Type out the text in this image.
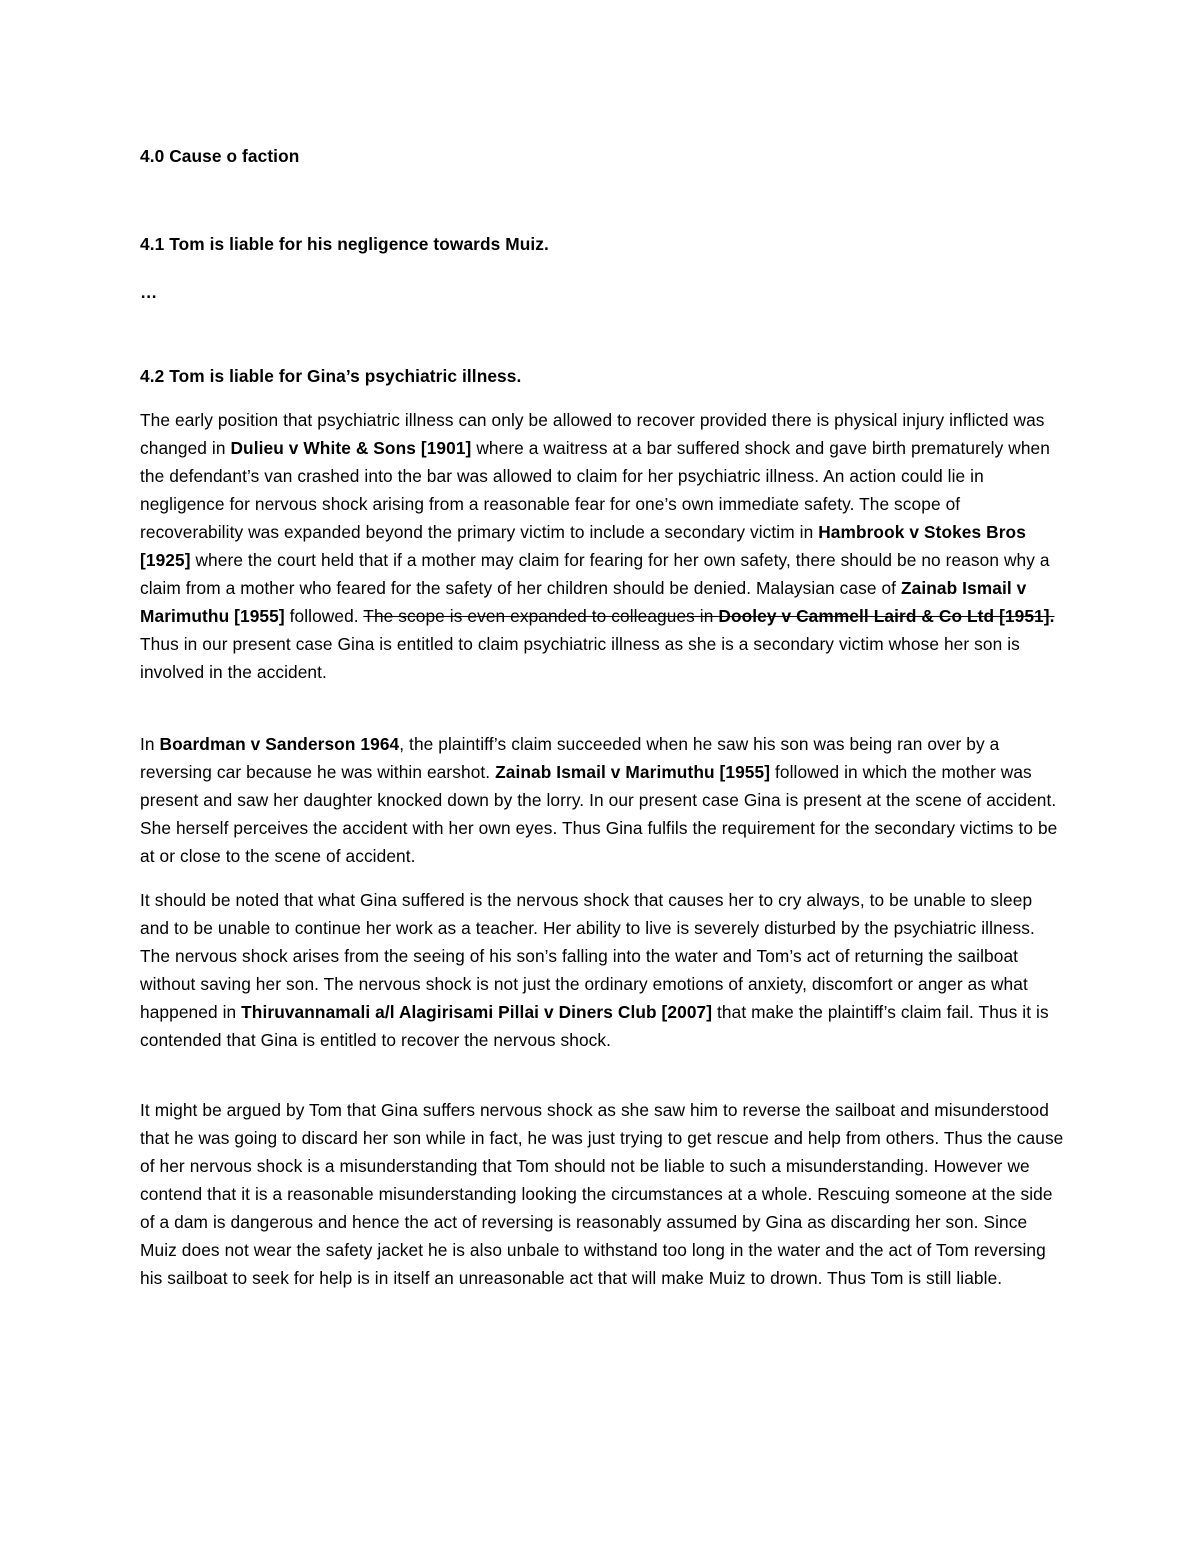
4.0 Cause o faction
4.1 Tom is liable for his negligence towards Muiz.
…
4.2 Tom is liable for Gina’s psychiatric illness.
The early position that psychiatric illness can only be allowed to recover provided there is physical injury inflicted was changed in Dulieu v White & Sons [1901] where a waitress at a bar suffered shock and gave birth prematurely when the defendant’s van crashed into the bar was allowed to claim for her psychiatric illness. An action could lie in negligence for nervous shock arising from a reasonable fear for one’s own immediate safety. The scope of recoverability was expanded beyond the primary victim to include a secondary victim in Hambrook v Stokes Bros [1925] where the court held that if a mother may claim for fearing for her own safety, there should be no reason why a claim from a mother who feared for the safety of her children should be denied. Malaysian case of Zainab Ismail v Marimuthu [1955] followed. The scope is even expanded to colleagues in Dooley v Cammell Laird & Co Ltd [1951]. Thus in our present case Gina is entitled to claim psychiatric illness as she is a secondary victim whose her son is involved in the accident.
In Boardman v Sanderson 1964, the plaintiff’s claim succeeded when he saw his son was being ran over by a reversing car because he was within earshot. Zainab Ismail v Marimuthu [1955] followed in which the mother was present and saw her daughter knocked down by the lorry. In our present case Gina is present at the scene of accident. She herself perceives the accident with her own eyes. Thus Gina fulfils the requirement for the secondary victims to be at or close to the scene of accident.
It should be noted that what Gina suffered is the nervous shock that causes her to cry always, to be unable to sleep and to be unable to continue her work as a teacher. Her ability to live is severely disturbed by the psychiatric illness. The nervous shock arises from the seeing of his son’s falling into the water and Tom’s act of returning the sailboat without saving her son. The nervous shock is not just the ordinary emotions of anxiety, discomfort or anger as what happened in Thiruvannamali a/l Alagirisami Pillai v Diners Club [2007] that make the plaintiff’s claim fail. Thus it is contended that Gina is entitled to recover the nervous shock.
It might be argued by Tom that Gina suffers nervous shock as she saw him to reverse the sailboat and misunderstood that he was going to discard her son while in fact, he was just trying to get rescue and help from others. Thus the cause of her nervous shock is a misunderstanding that Tom should not be liable to such a misunderstanding. However we contend that it is a reasonable misunderstanding looking the circumstances at a whole. Rescuing someone at the side of a dam is dangerous and hence the act of reversing is reasonably assumed by Gina as discarding her son. Since Muiz does not wear the safety jacket he is also unbale to withstand too long in the water and the act of Tom reversing his sailboat to seek for help is in itself an unreasonable act that will make Muiz to drown. Thus Tom is still liable.
